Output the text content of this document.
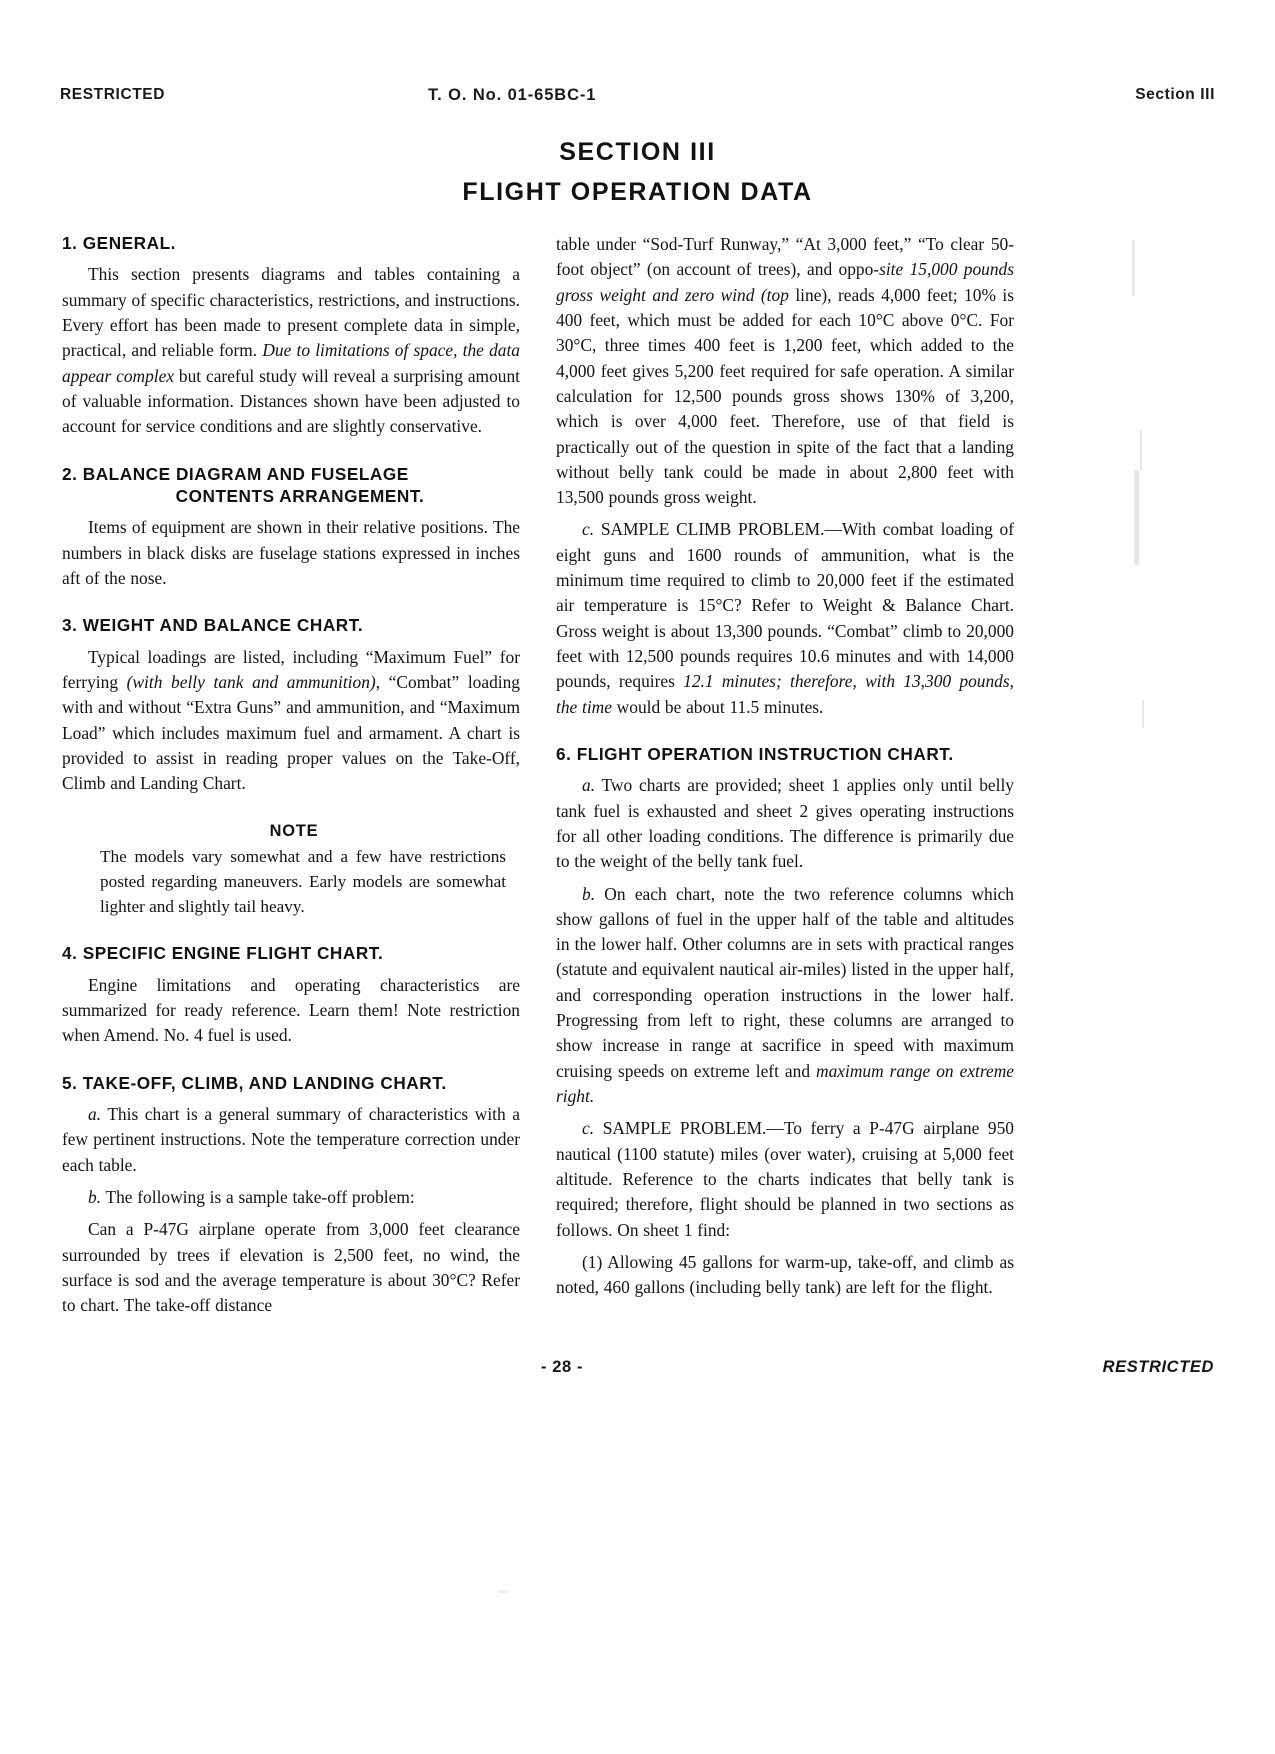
RESTRICTED	T. O. No. 01-65BC-1	Section III
SECTION III
FLIGHT OPERATION DATA
1. GENERAL.

This section presents diagrams and tables containing a summary of specific characteristics, restrictions, and instructions. Every effort has been made to present complete data in simple, practical, and reliable form. Due to limitations of space, the data appear complex but careful study will reveal a surprising amount of valuable information. Distances shown have been adjusted to account for service conditions and are slightly conservative.

2. BALANCE DIAGRAM AND FUSELAGE
CONTENTS ARRANGEMENT.

Items of equipment are shown in their relative positions. The numbers in black disks are fuselage stations expressed in inches aft of the nose.

3. WEIGHT AND BALANCE CHART.

Typical loadings are listed, including “Maximum Fuel” for ferrying (with belly tank and ammunition), “Combat” loading with and without “Extra Guns” and ammunition, and “Maximum Load” which includes maximum fuel and armament. A chart is provided to assist in reading proper values on the Take-Off, Climb and Landing Chart.

NOTE

The models vary somewhat and a few have restrictions posted regarding maneuvers. Early models are somewhat lighter and slightly tail heavy.

4. SPECIFIC ENGINE FLIGHT CHART.

Engine limitations and operating characteristics are summarized for ready reference. Learn them! Note restriction when Amend. No. 4 fuel is used.

5. TAKE-OFF, CLIMB, AND LANDING CHART.

a. This chart is a general summary of characteristics with a few pertinent instructions. Note the temperature correction under each table.

b. The following is a sample take-off problem:

Can a P-47G airplane operate from 3,000 feet clearance surrounded by trees if elevation is 2,500 feet, no wind, the surface is sod and the average temperature is about 30°C? Refer to chart. The take-off distance

table under “Sod-Turf Runway,” “At 3,000 feet,” “To clear 50-foot object” (on account of trees), and oppo-site 15,000 pounds gross weight and zero wind (top line), reads 4,000 feet; 10% is 400 feet, which must be added for each 10°C above 0°C. For 30°C, three times 400 feet is 1,200 feet, which added to the 4,000 feet gives 5,200 feet required for safe operation. A similar calculation for 12,500 pounds gross shows 130% of 3,200, which is over 4,000 feet. Therefore, use of that field is practically out of the question in spite of the fact that a landing without belly tank could be made in about 2,800 feet with 13,500 pounds gross weight.

c. SAMPLE CLIMB PROBLEM.—With combat loading of eight guns and 1600 rounds of ammunition, what is the minimum time required to climb to 20,000 feet if the estimated air temperature is 15°C? Refer to Weight & Balance Chart. Gross weight is about 13,300 pounds. “Combat” climb to 20,000 feet with 12,500 pounds requires 10.6 minutes and with 14,000 pounds, requires 12.1 minutes; therefore, with 13,300 pounds, the time would be about 11.5 minutes.

6. FLIGHT OPERATION INSTRUCTION CHART.

a. Two charts are provided; sheet 1 applies only until belly tank fuel is exhausted and sheet 2 gives operating instructions for all other loading conditions. The difference is primarily due to the weight of the belly tank fuel.

b. On each chart, note the two reference columns which show gallons of fuel in the upper half of the table and altitudes in the lower half. Other columns are in sets with practical ranges (statute and equivalent nautical air-miles) listed in the upper half, and corresponding operation instructions in the lower half. Progressing from left to right, these columns are arranged to show increase in range at sacrifice in speed with maximum cruising speeds on extreme left and maximum range on extreme right.

c. SAMPLE PROBLEM.—To ferry a P-47G airplane 950 nautical (1100 statute) miles (over water), cruising at 5,000 feet altitude. Reference to the charts indicates that belly tank is required; therefore, flight should be planned in two sections as follows. On sheet 1 find:

(1) Allowing 45 gallons for warm-up, take-off, and climb as noted, 460 gallons (including belly tank) are left for the flight.

- 28 -	RESTRICTED
